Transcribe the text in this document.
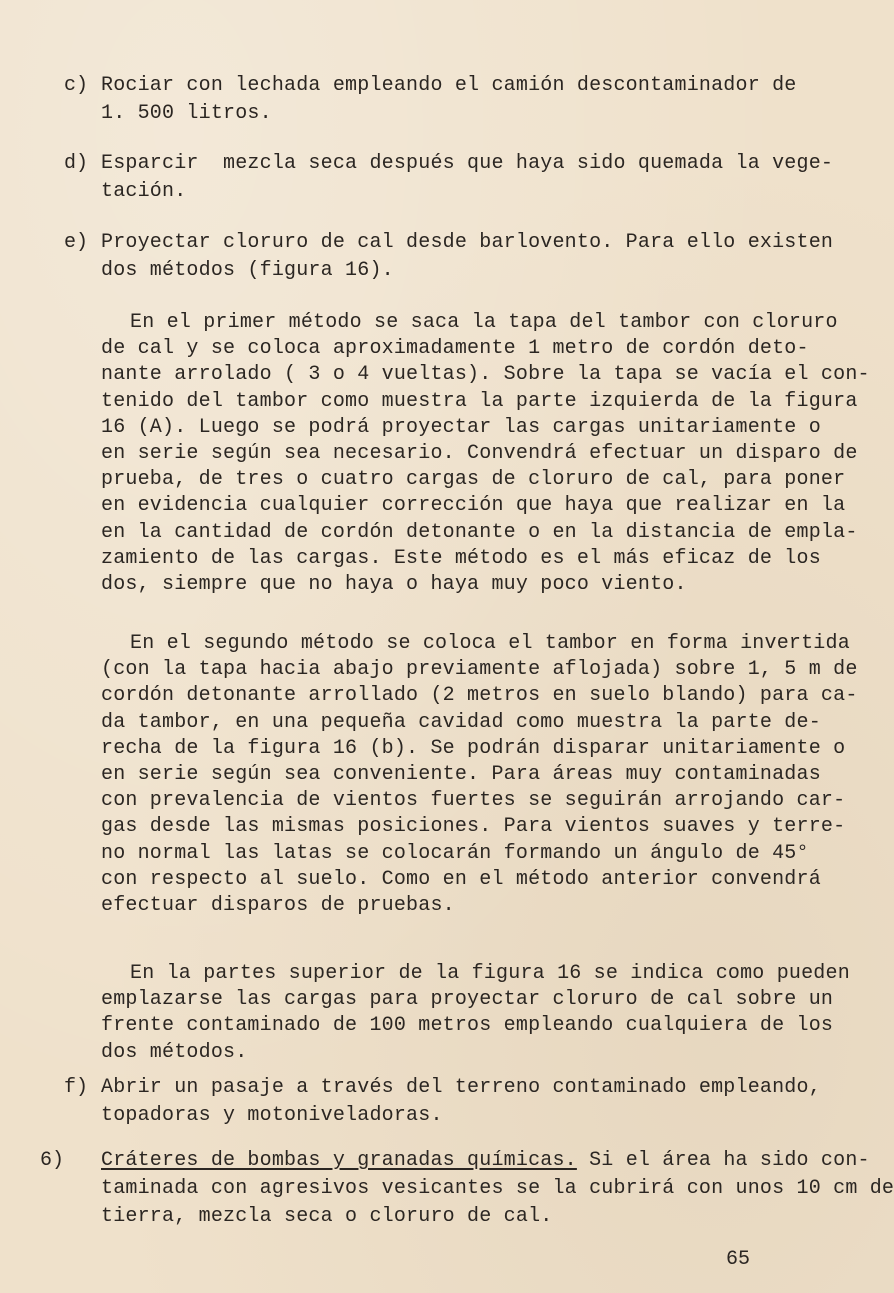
c) Rociar con lechada empleando el camión descontaminador de
1. 500 litros.
d) Esparcir  mezcla seca después que haya sido quemada la vege-
tación.
e) Proyectar cloruro de cal desde barlovento. Para ello existen
dos métodos (figura 16).
En el primer método se saca la tapa del tambor con cloruro
de cal y se coloca aproximadamente 1 metro de cordón deto-
nante arrolado ( 3 o 4 vueltas). Sobre la tapa se vacía el con-
tenido del tambor como muestra la parte izquierda de la figura
16 (A). Luego se podrá proyectar las cargas unitariamente o
en serie según sea necesario. Convendrá efectuar un disparo de
prueba, de tres o cuatro cargas de cloruro de cal, para poner
en evidencia cualquier corrección que haya que realizar en la
en la cantidad de cordón detonante o en la distancia de empla-
zamiento de las cargas. Este método es el más eficaz de los
dos, siempre que no haya o haya muy poco viento.
En el segundo método se coloca el tambor en forma invertida
(con la tapa hacia abajo previamente aflojada) sobre 1, 5 m de
cordón detonante arrollado (2 metros en suelo blando) para ca-
da tambor, en una pequeña cavidad como muestra la parte de-
recha de la figura 16 (b). Se podrán disparar unitariamente o
en serie según sea conveniente. Para áreas muy contaminadas
con prevalencia de vientos fuertes se seguirán arrojando car-
gas desde las mismas posiciones. Para vientos suaves y terre-
no normal las latas se colocarán formando un ángulo de 45°
con respecto al suelo. Como en el método anterior convendrá
efectuar disparos de pruebas.
En la partes superior de la figura 16 se indica como pueden
emplazarse las cargas para proyectar cloruro de cal sobre un
frente contaminado de 100 metros empleando cualquiera de los
dos métodos.
f) Abrir un pasaje a través del terreno contaminado empleando,
topadoras y motoniveladoras.
6) Cráteres de bombas y granadas químicas. Si el área ha sido con-
taminada con agresivos vesicantes se la cubrirá con unos 10 cm de
tierra, mezcla seca o cloruro de cal.
65
